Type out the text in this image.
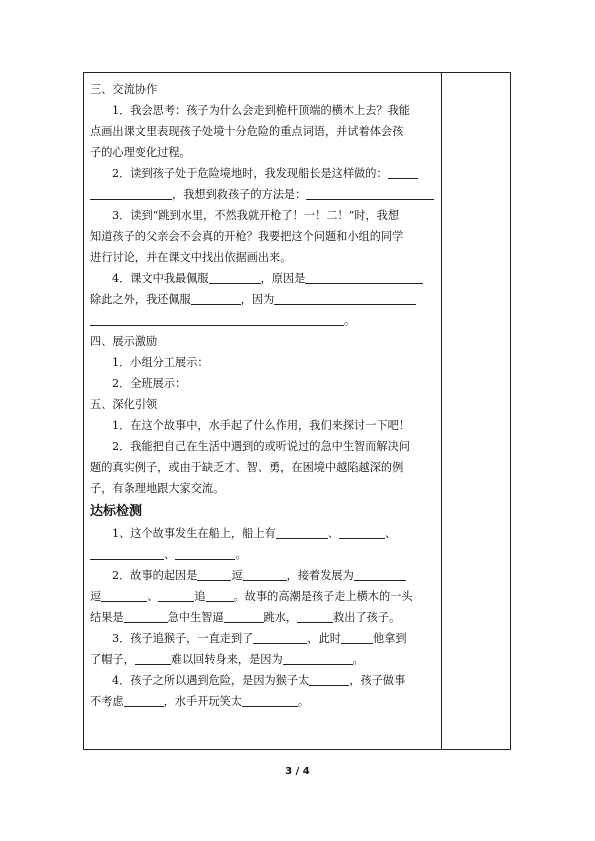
三、交流协作
1．我会思考：孩子为什么会走到桅杆顶端的横木上去？我能
点画出课文里表现孩子处境十分危险的重点词语，并试着体会孩
子的心理变化过程。
2．读到孩子处于危险境地时，我发现船长是这样做的：
，我想到救孩子的方法是：
3．读到“跳到水里，不然我就开枪了！一！二！”时，我想
知道孩子的父亲会不会真的开枪？我要把这个问题和小组的同学
进行讨论，并在课文中找出依据画出来。
4．课文中我最佩服	，原因是
除此之外，我还佩服	，因为
。
四、展示激励
1．小组分工展示：
2．全班展示：
五、深化引领
1．在这个故事中，水手起了什么作用，我们来探讨一下吧！
2．我能把自己在生活中遇到的或听说过的急中生智而解决问
题的真实例子，或由于缺乏才、智、勇，在困境中越陷越深的例
子，有条理地跟大家交流。
达标检测
1、这个故事发生在船上，船上有	、	、
、	。
2．故事的起因是	逗	，接着发展为
逗	、	追	。故事的高潮是孩子走上横木的一头
结果是	急中生智逼	跳水，	救出了孩子。
3．孩子追猴子，一直走到了	，此时	他拿到
了帽子，	难以回转身来，是因为	。
4．孩子之所以遇到危险，是因为猴子太	，孩子做事
不考虑	，水手开玩笑太	。
3 / 4
